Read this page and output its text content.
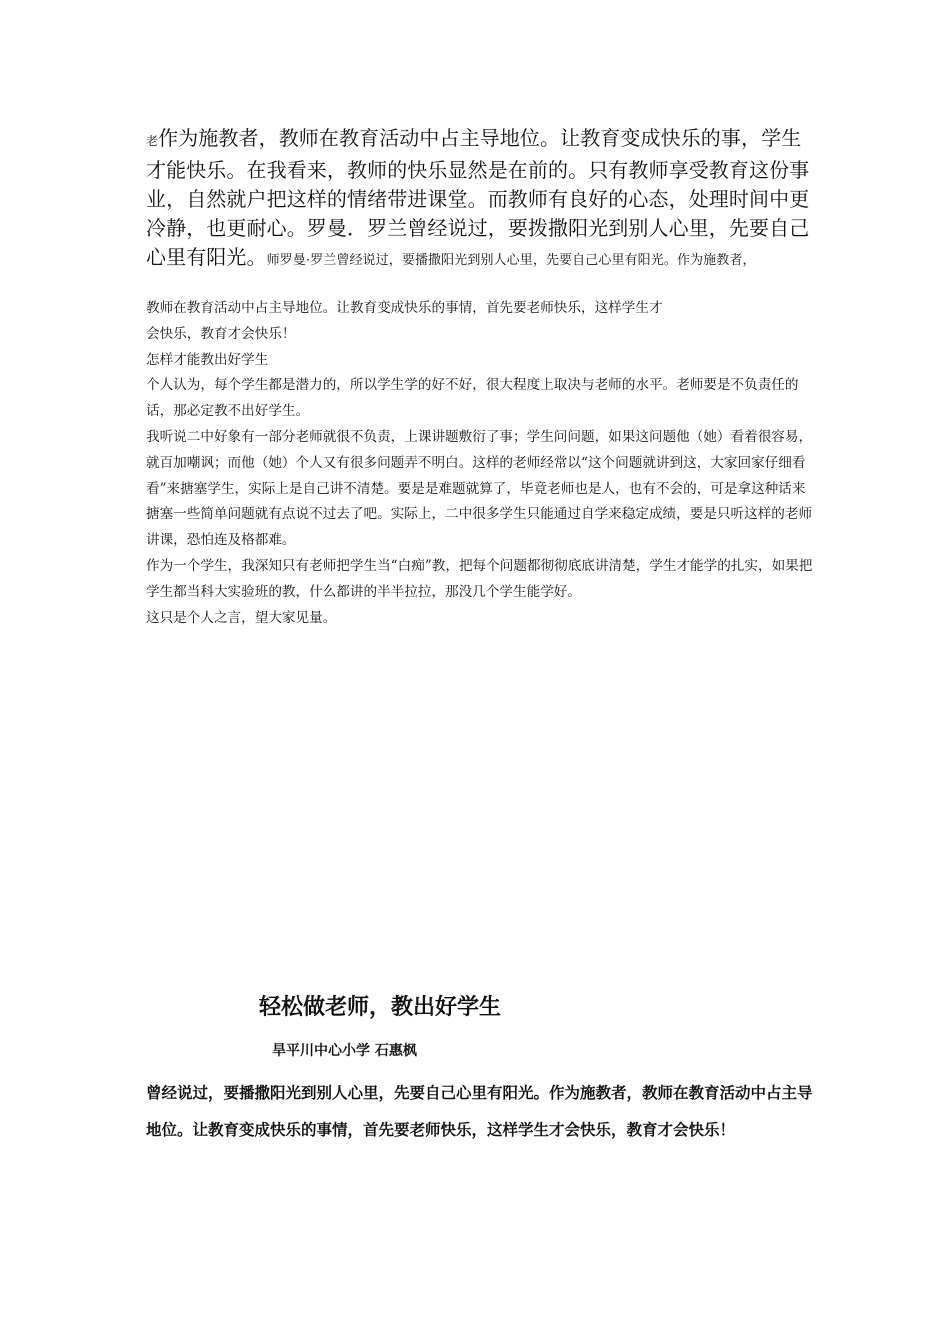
老作为施教者，教师在教育活动中占主导地位。让教育变成快乐的事，学生才能快乐。在我看来，教师的快乐显然是在前的。只有教师享受教育这份事业，自然就户把这样的情绪带进课堂。而教师有良好的心态，处理时间中更冷静，也更耐心。罗曼．罗兰曾经说过，要拨撒阳光到别人心里，先要自己心里有阳光。师罗曼·罗兰曾经说过，要播撒阳光到别人心里，先要自己心里有阳光。作为施教者，

教师在教育活动中占主导地位。让教育变成快乐的事情，首先要老师快乐，这样学生才

会快乐，教育才会快乐！

怎样才能教出好学生

个人认为，每个学生都是潜力的，所以学生学的好不好，很大程度上取决与老师的水平。老师要是不负责任的话，那必定教不出好学生。

我听说二中好象有一部分老师就很不负责，上课讲题敷衍了事；学生问问题，如果这问题他（她）看着很容易，就百加嘲讽；而他（她）个人又有很多问题弄不明白。这样的老师经常以“这个问题就讲到这，大家回家仔细看看”来搪塞学生，实际上是自己讲不清楚。要是是难题就算了，毕竟老师也是人，也有不会的，可是拿这种话来搪塞一些简单问题就有点说不过去了吧。实际上，二中很多学生只能通过自学来稳定成绩，要是只听这样的老师讲课，恐怕连及格都难。

作为一个学生，我深知只有老师把学生当“白痴”教，把每个问题都彻彻底底讲清楚，学生才能学的扎实，如果把学生都当科大实验班的教，什么都讲的半半拉拉，那没几个学生能学好。

这只是个人之言，望大家见量。

轻松做老师，教出好学生
旱平川中心小学 石惠枫
曾经说过，要播撒阳光到别人心里，先要自己心里有阳光。作为施教者，教师在教育活动中占主导地位。让教育变成快乐的事情，首先要老师快乐，这样学生才会快乐，教育才会快乐！
